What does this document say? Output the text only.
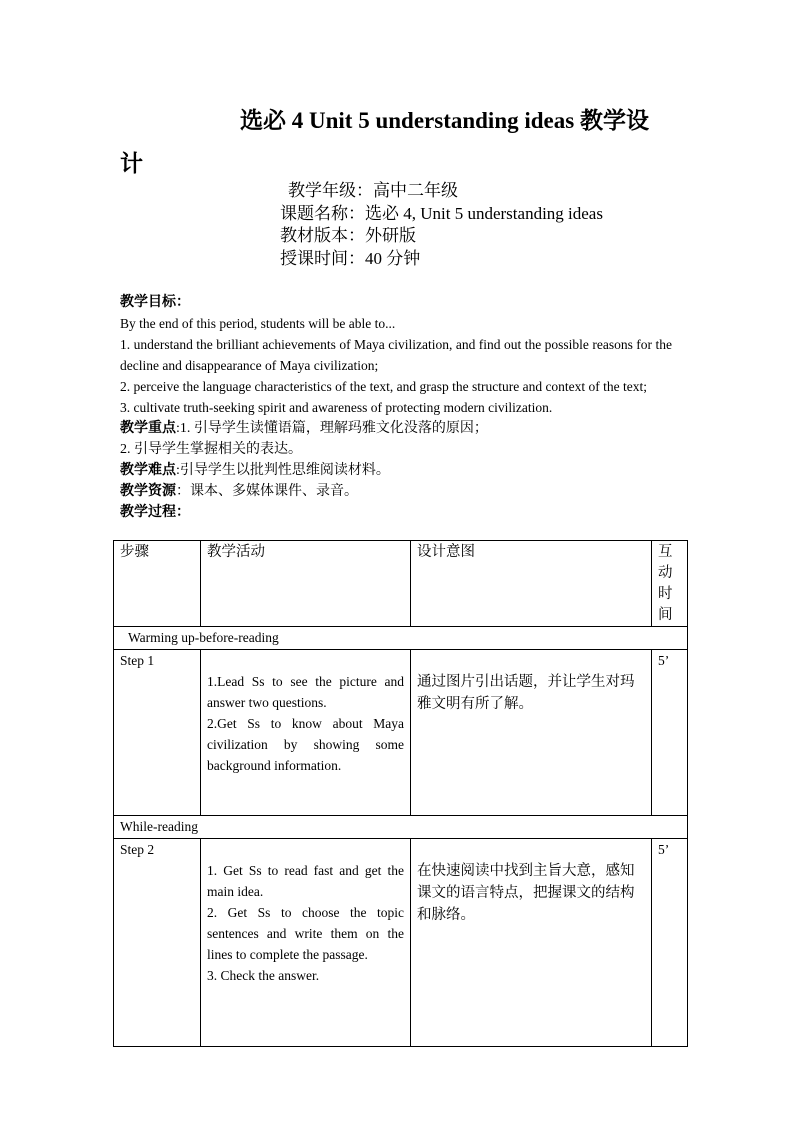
选必 4 Unit 5 understanding ideas 教学设
计
教学年级：高中二年级
课题名称：选必 4, Unit 5 understanding ideas
教材版本：外研版
授课时间：40 分钟

教学目标：

By the end of this period, students will be able to...

1. understand the brilliant achievements of Maya civilization, and find out the possible reasons for the decline and disappearance of Maya civilization;

2. perceive the language characteristics of the text, and grasp the structure and context of the text;

3. cultivate truth-seeking spirit and awareness of protecting modern civilization.

教学重点:1. 引导学生读懂语篇，理解玛雅文化没落的原因；

2. 引导学生掌握相关的表达。

教学难点:引导学生以批判性思维阅读材料。

教学资源：课本、多媒体课件、录音。

教学过程：

步骤	教学活动	设计意图	互动时间

Warming up-before-reading			
Step 1	1.Lead Ss to see the picture and answer two questions.
2.Get Ss to know about Maya civilization by showing some background information.	通过图片引出话题，并让学生对玛雅文明有所了解。	5’
While-reading			
Step 2	1. Get Ss to read fast and get the main idea.
2. Get Ss to choose the topic sentences and write them on the lines to complete the passage.
3. Check the answer.	在快速阅读中找到主旨大意，感知课文的语言特点，把握课文的结构和脉络。	5’
